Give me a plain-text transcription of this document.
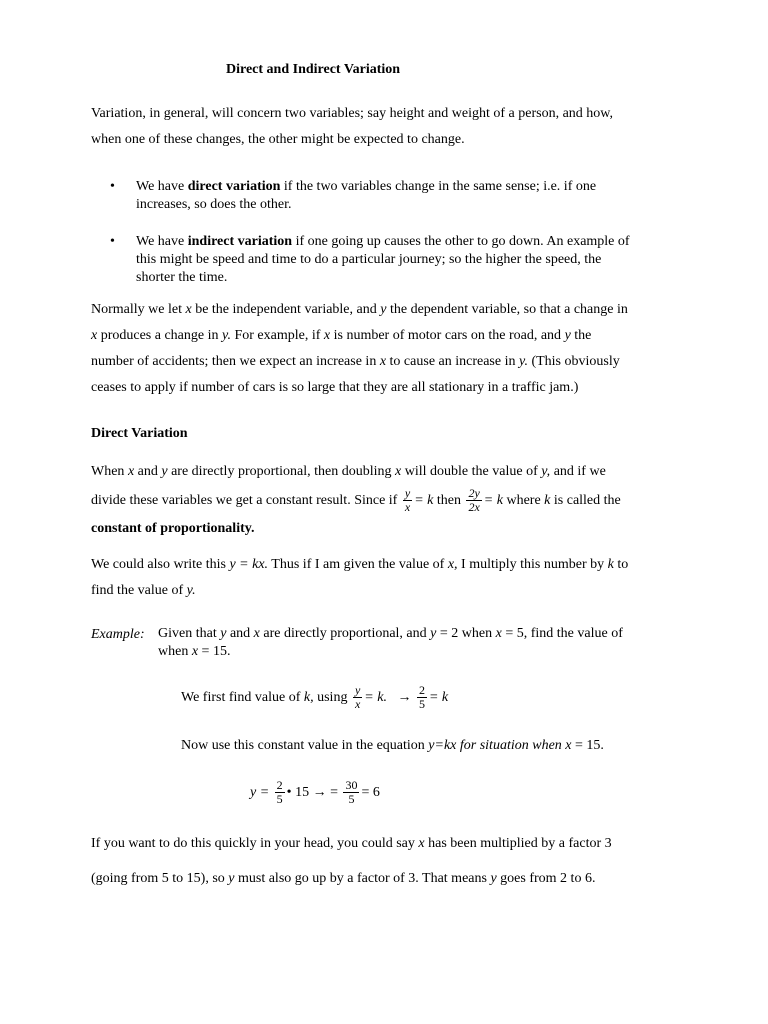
Direct and Indirect Variation

Variation, in general, will concern two variables; say height and weight of a person, and how,
when one of these changes, the other might be expected to change.
• We have direct variation if the two variables change in the same sense; i.e. if one
increases, so does the other.
• We have indirect variation if one going up causes the other to go down. An example of
this might be speed and time to do a particular journey; so the higher the speed, the
shorter the time.
Normally we let x be the independent variable, and y the dependent variable, so that a change in
x produces a change in y. For example, if x is number of motor cars on the road, and y the
number of accidents; then we expect an increase in x to cause an increase in y. (This obviously
ceases to apply if number of cars is so large that they are all stationary in a traffic jam.)
Direct Variation
When x and y are directly proportional, then doubling x will double the value of y, and if we
divide these variables we get a constant result. Since if $\frac{y}{x} = k$ then $\frac{2y}{2x} = k$ where k is called the
constant of proportionality.
We could also write this y = kx. Thus if I am given the value of x, I multiply this number by k to
find the value of y.

Example: Given that y and x are directly proportional, and y = 2 when x = 5, find the value of
when x = 15.
We first find value of k, using $\frac{y}{x} = k$. → $\frac{2}{5} = k$
Now use this constant value in the equation y=kx for situation when x = 15.
$y = \frac{2}{5}$ • 15 → = $\frac{30}{5} = 6$
If you want to do this quickly in your head, you could say x has been multiplied by a factor 3
(going from 5 to 15), so y must also go up by a factor of 3. That means y goes from 2 to 6.
